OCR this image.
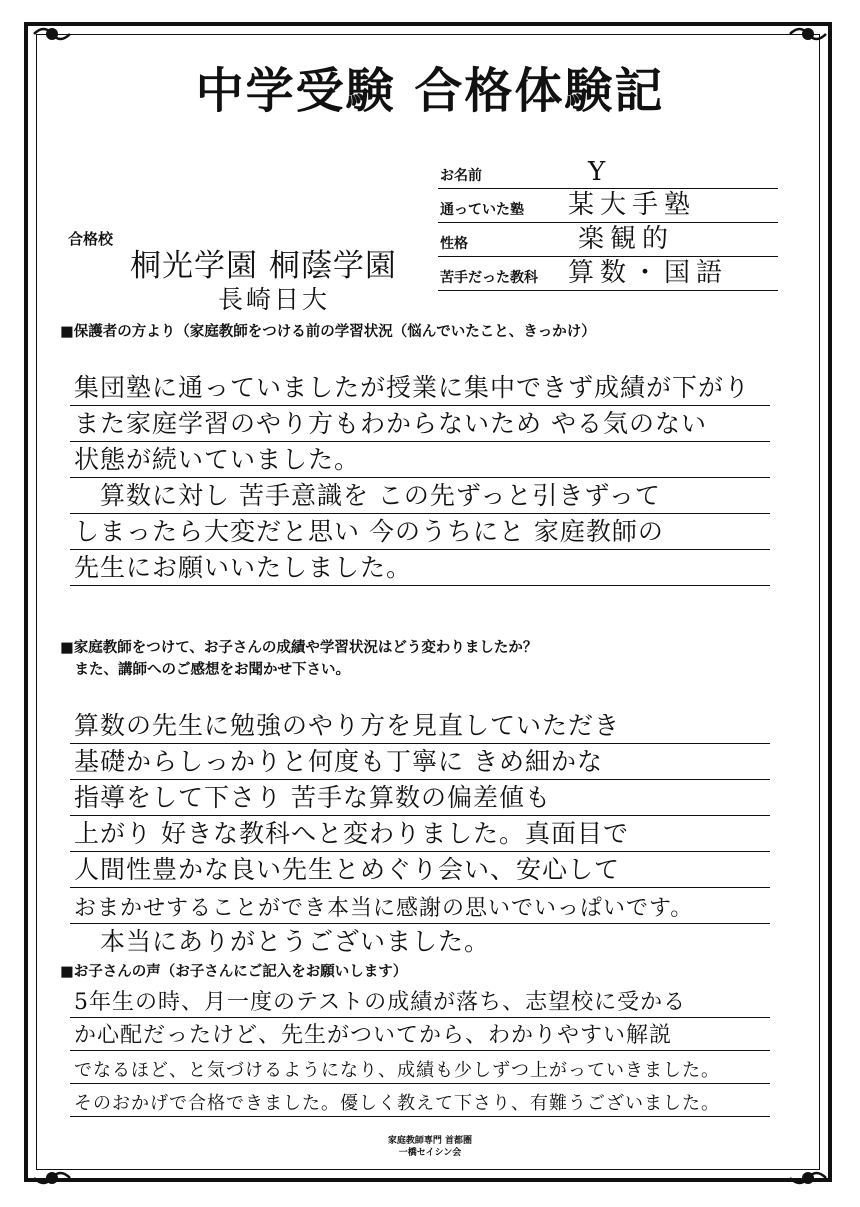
中学受験 合格体験記
お名前	Y
通っていた塾 某大手塾
性格	楽観的
苦手だった教科 算数・国語
合格校
桐光学園 桐蔭学園
長崎日大
■保護者の方より（家庭教師をつける前の学習状況（悩んでいたこと、きっかけ）
集団塾に通っていましたが授業に集中できず成績が下がり
また家庭学習のやり方もわからないため やる気のない
状態が続いていました。
　算数に対し 苦手意識を この先ずっと引きずって
しまったら大変だと思い 今のうちにと 家庭教師の
先生にお願いいたしました。
■家庭教師をつけて、お子さんの成績や学習状況はどう変わりましたか？
　また、講師へのご感想をお聞かせ下さい。
算数の先生に勉強のやり方を見直していただき
基礎からしっかりと何度も丁寧に きめ細かな
指導をして下さり 苦手な算数の偏差値も
上がり 好きな教科へと変わりました。真面目で
人間性豊かな良い先生とめぐり会い、安心して
おまかせすることができ本当に感謝の思いでいっぱいです。
　本当にありがとうございました。
■お子さんの声（お子さんにご記入をお願いします）
5年生の時、月一度のテストの成績が落ち、志望校に受かる
か心配だったけど、先生がついてから、わかりやすい解説
でなるほど、と気づけるようになり、成績も少しずつ上がっていきました。
そのおかげで合格できました。優しく教えて下さり、有難うございました。
家庭教師専門 首都圏
一橋セイシン会
